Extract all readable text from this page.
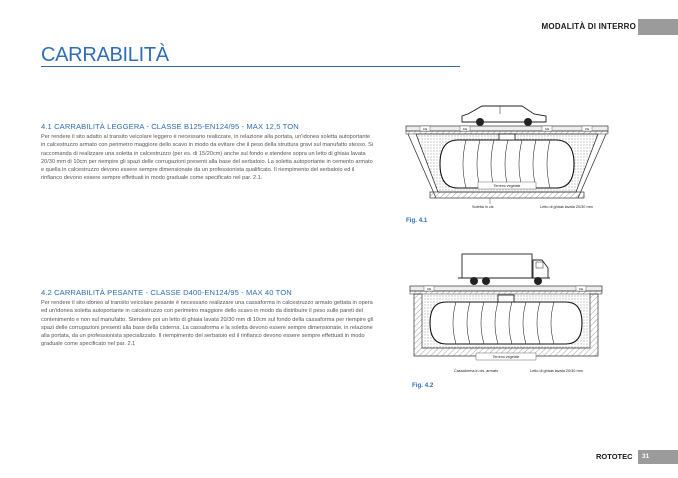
MODALITÀ DI INTERRO
CARRABILITÀ
4.1 CARRABILITÀ LEGGERA - CLASSE B125-EN124/95 - MAX 12,5 TON
Per rendere il sito adatto al transito veicolare leggero è necessario realizzare, in relazione alla portata, un'idonea soletta autoportante in calcestruzzo armato con perimetro maggiore dello scavo in modo da evitare che il peso della struttura gravi sul manufatto stesso. Si raccomanda di realizzare una soletta in calcestruzzo (per es. di 15/20cm) anche sul fondo e stendere sopra un letto di ghiaia lavata 20/30 mm di 10cm per riempire gli spazi delle corrugazioni presenti alla base del serbatoio. La soletta autoportante in cemento armato e quella in calcestruzzo devono essere sempre dimensionate da un professionista qualificato. Il riempimento del serbatoio ed il rinfianco devono essere sempre effettuati in modo graduale come specificato nel par. 2.1.
4.2 CARRABILITÀ PESANTE - CLASSE D400-EN124/95 - MAX 40 TON
Per rendere il sito idoneo al transito veicolare pesante è necessario realizzare una cassaforma in calcestruzzo armato gettata in opera ed un'idonea soletta autoportante in calcestruzzo con perimetro maggiore dello scavo in modo da distribuire il peso sulle pareti del contenimento e non sul manufatto. Stendere poi un letto di ghiaia lavata 20/30 mm di 10cm sul fondo della cassaforma per riempire gli spazi delle corrugazioni presenti alla base della cisterna. La cassaforma e la soletta devono essere sempre dimensionate, in relazione alla portata, da un professionista specializzato. Il riempimento del serbatoio ed il rinfianco devono essere sempre effettuati in modo graduale come specificato nel par. 2.1
Cls	Cls	Cls	Cls
Terreno vegetale
Soletta in cls	Letto di ghiaia lavata 20/30 mm
Fig. 4.1
Cls	Cls
Terreno vegetale
Cassaforma in cls. armato	Letto di ghiaia lavata 20/30 mm
Fig. 4.2
ROTOTEC 31
